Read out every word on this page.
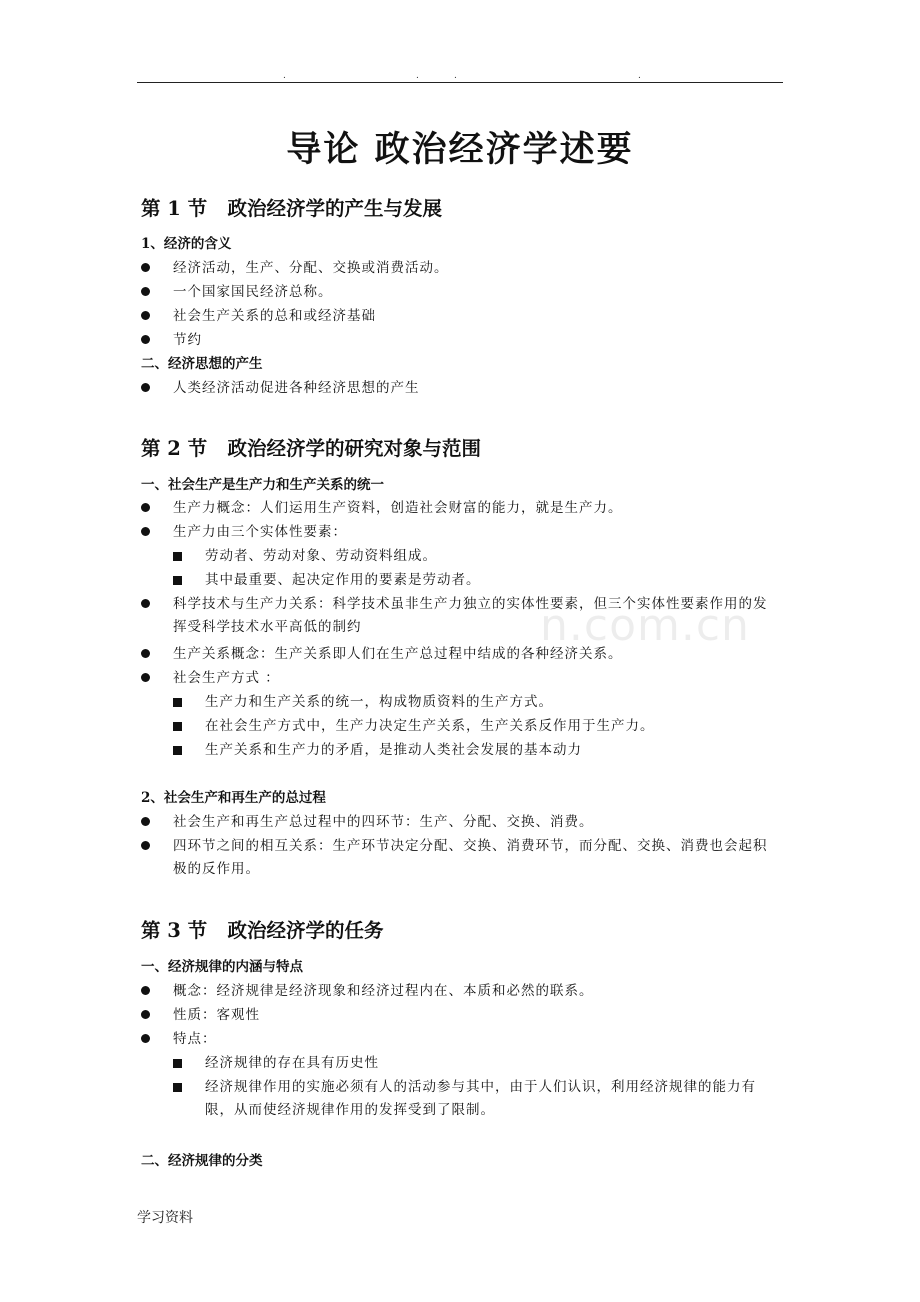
.	.	.	.
导论 政治经济学述要
第 1 节   政治经济学的产生与发展
1、经济的含义
经济活动，生产、分配、交换或消费活动。
一个国家国民经济总称。
社会生产关系的总和或经济基础
节约
二、经济思想的产生
人类经济活动促进各种经济思想的产生
第 2 节   政治经济学的研究对象与范围
一、社会生产是生产力和生产关系的统一
生产力概念：人们运用生产资料，创造社会财富的能力，就是生产力。
生产力由三个实体性要素：
劳动者、劳动对象、劳动资料组成。
其中最重要、起决定作用的要素是劳动者。
科学技术与生产力关系：科学技术虽非生产力独立的实体性要素，但三个实体性要素作用的发挥受科学技术水平高低的制约
生产关系概念：生产关系即人们在生产总过程中结成的各种经济关系。
社会生产方式 ：
生产力和生产关系的统一，构成物质资料的生产方式。
在社会生产方式中，生产力决定生产关系，生产关系反作用于生产力。
生产关系和生产力的矛盾，是推动人类社会发展的基本动力
2、社会生产和再生产的总过程
社会生产和再生产总过程中的四环节：生产、分配、交换、消费。
四环节之间的相互关系：生产环节决定分配、交换、消费环节，而分配、交换、消费也会起积极的反作用。
第 3 节   政治经济学的任务
一、经济规律的内涵与特点
概念：经济规律是经济现象和经济过程内在、本质和必然的联系。
性质：客观性
特点：
经济规律的存在具有历史性
经济规律作用的实施必须有人的活动参与其中，由于人们认识，利用经济规律的能力有限，从而使经济规律作用的发挥受到了限制。
二、经济规律的分类
n.com.cn
学习资料
